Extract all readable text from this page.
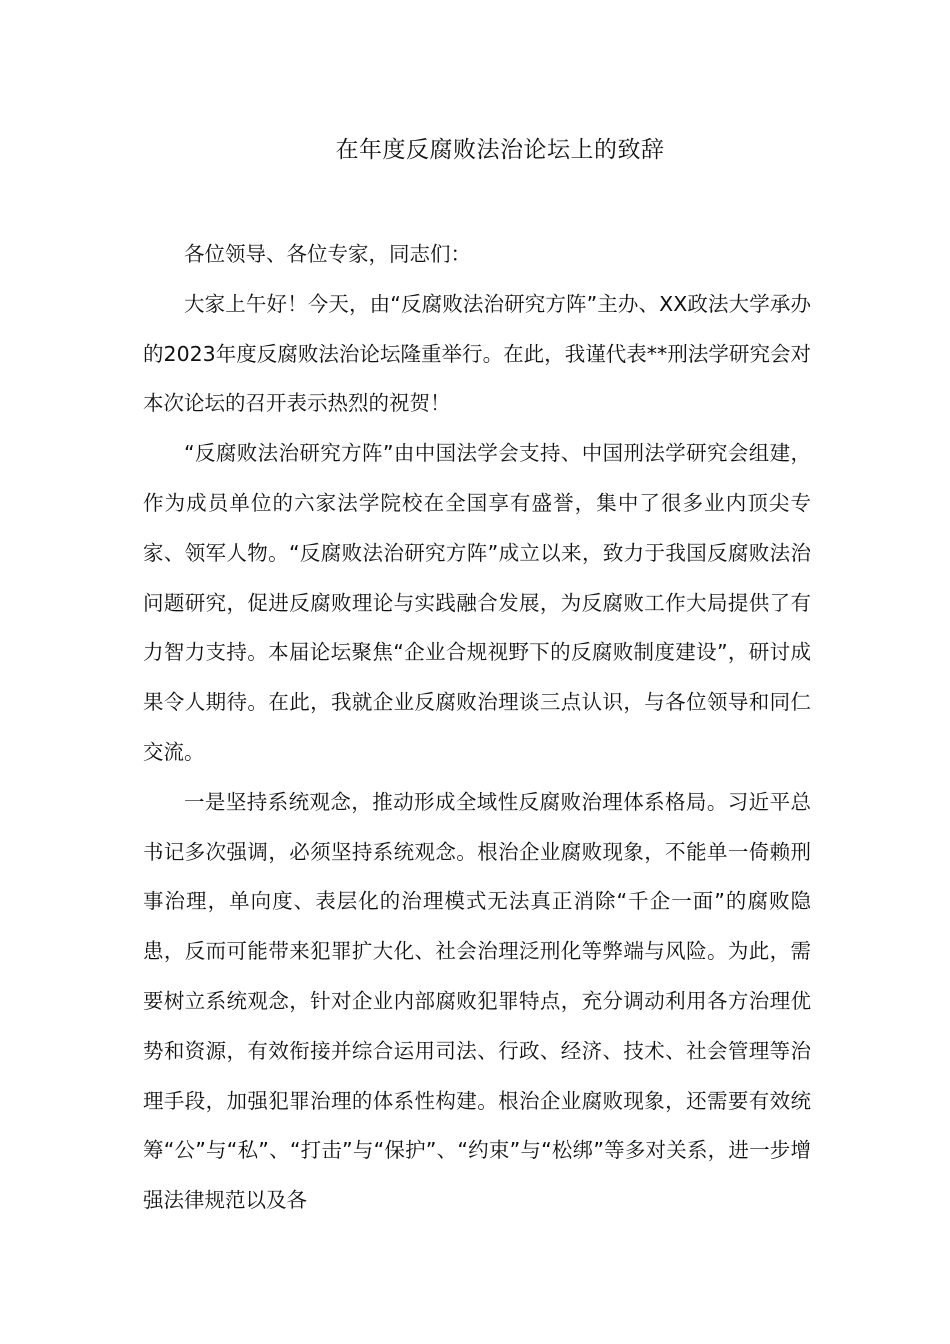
在年度反腐败法治论坛上的致辞

各位领导、各位专家，同志们：

大家上午好！今天，由“反腐败法治研究方阵”主办、XX政法大学承办的2023年度反腐败法治论坛隆重举行。在此，我谨代表**刑法学研究会对本次论坛的召开表示热烈的祝贺！

“反腐败法治研究方阵”由中国法学会支持、中国刑法学研究会组建，作为成员单位的六家法学院校在全国享有盛誉，集中了很多业内顶尖专家、领军人物。“反腐败法治研究方阵”成立以来，致力于我国反腐败法治问题研究，促进反腐败理论与实践融合发展，为反腐败工作大局提供了有力智力支持。本届论坛聚焦“企业合规视野下的反腐败制度建设”，研讨成果令人期待。在此，我就企业反腐败治理谈三点认识，与各位领导和同仁交流。

一是坚持系统观念，推动形成全域性反腐败治理体系格局。习近平总书记多次强调，必须坚持系统观念。根治企业腐败现象，不能单一倚赖刑事治理，单向度、表层化的治理模式无法真正消除“千企一面”的腐败隐患，反而可能带来犯罪扩大化、社会治理泛刑化等弊端与风险。为此，需要树立系统观念，针对企业内部腐败犯罪特点，充分调动利用各方治理优势和资源，有效衔接并综合运用司法、行政、经济、技术、社会管理等治理手段，加强犯罪治理的体系性构建。根治企业腐败现象，还需要有效统筹“公”与“私”、“打击”与“保护”、“约束”与“松绑”等多对关系，进一步增强法律规范以及各
